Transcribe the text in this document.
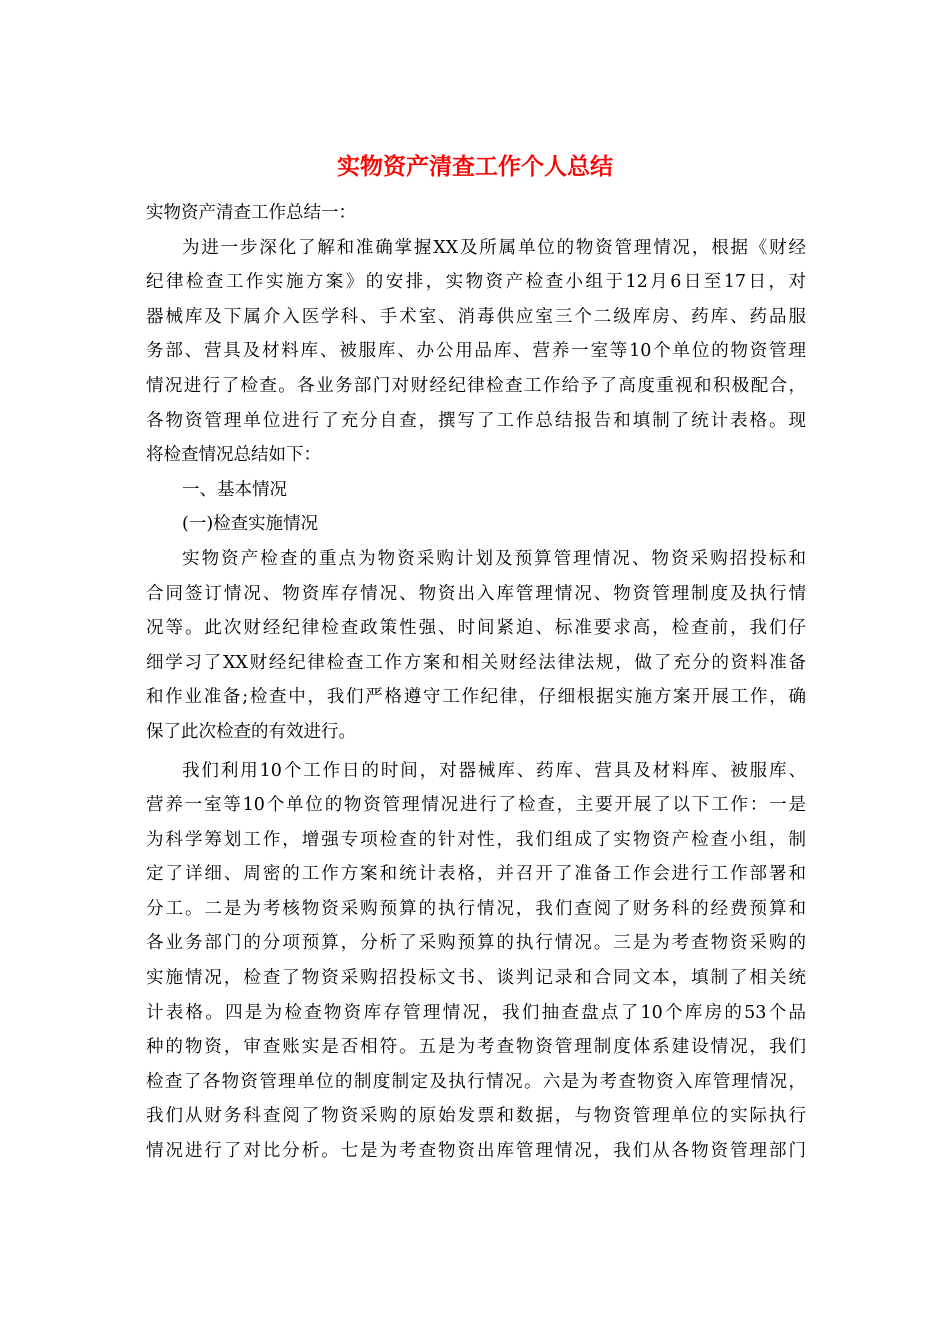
实物资产清查工作个人总结
实物资产清查工作总结一：
为进一步深化了解和准确掌握XX及所属单位的物资管理情况，根据《财经
纪律检查工作实施方案》的安排，实物资产检查小组于12月6日至17日，对
器械库及下属介入医学科、手术室、消毒供应室三个二级库房、药库、药品服
务部、营具及材料库、被服库、办公用品库、营养一室等10个单位的物资管理
情况进行了检查。各业务部门对财经纪律检查工作给予了高度重视和积极配合，
各物资管理单位进行了充分自查，撰写了工作总结报告和填制了统计表格。现
将检查情况总结如下：
一、基本情况
(一)检查实施情况
实物资产检查的重点为物资采购计划及预算管理情况、物资采购招投标和
合同签订情况、物资库存情况、物资出入库管理情况、物资管理制度及执行情
况等。此次财经纪律检查政策性强、时间紧迫、标准要求高，检查前，我们仔
细学习了XX财经纪律检查工作方案和相关财经法律法规，做了充分的资料准备
和作业准备;检查中，我们严格遵守工作纪律，仔细根据实施方案开展工作，确
保了此次检查的有效进行。
我们利用10个工作日的时间，对器械库、药库、营具及材料库、被服库、
营养一室等10个单位的物资管理情况进行了检查，主要开展了以下工作：一是
为科学筹划工作，增强专项检查的针对性，我们组成了实物资产检查小组，制
定了详细、周密的工作方案和统计表格，并召开了准备工作会进行工作部署和
分工。二是为考核物资采购预算的执行情况，我们查阅了财务科的经费预算和
各业务部门的分项预算，分析了采购预算的执行情况。三是为考查物资采购的
实施情况，检查了物资采购招投标文书、谈判记录和合同文本，填制了相关统
计表格。四是为检查物资库存管理情况，我们抽查盘点了10个库房的53个品
种的物资，审查账实是否相符。五是为考查物资管理制度体系建设情况，我们
检查了各物资管理单位的制度制定及执行情况。六是为考查物资入库管理情况，
我们从财务科查阅了物资采购的原始发票和数据，与物资管理单位的实际执行
情况进行了对比分析。七是为考查物资出库管理情况，我们从各物资管理部门
